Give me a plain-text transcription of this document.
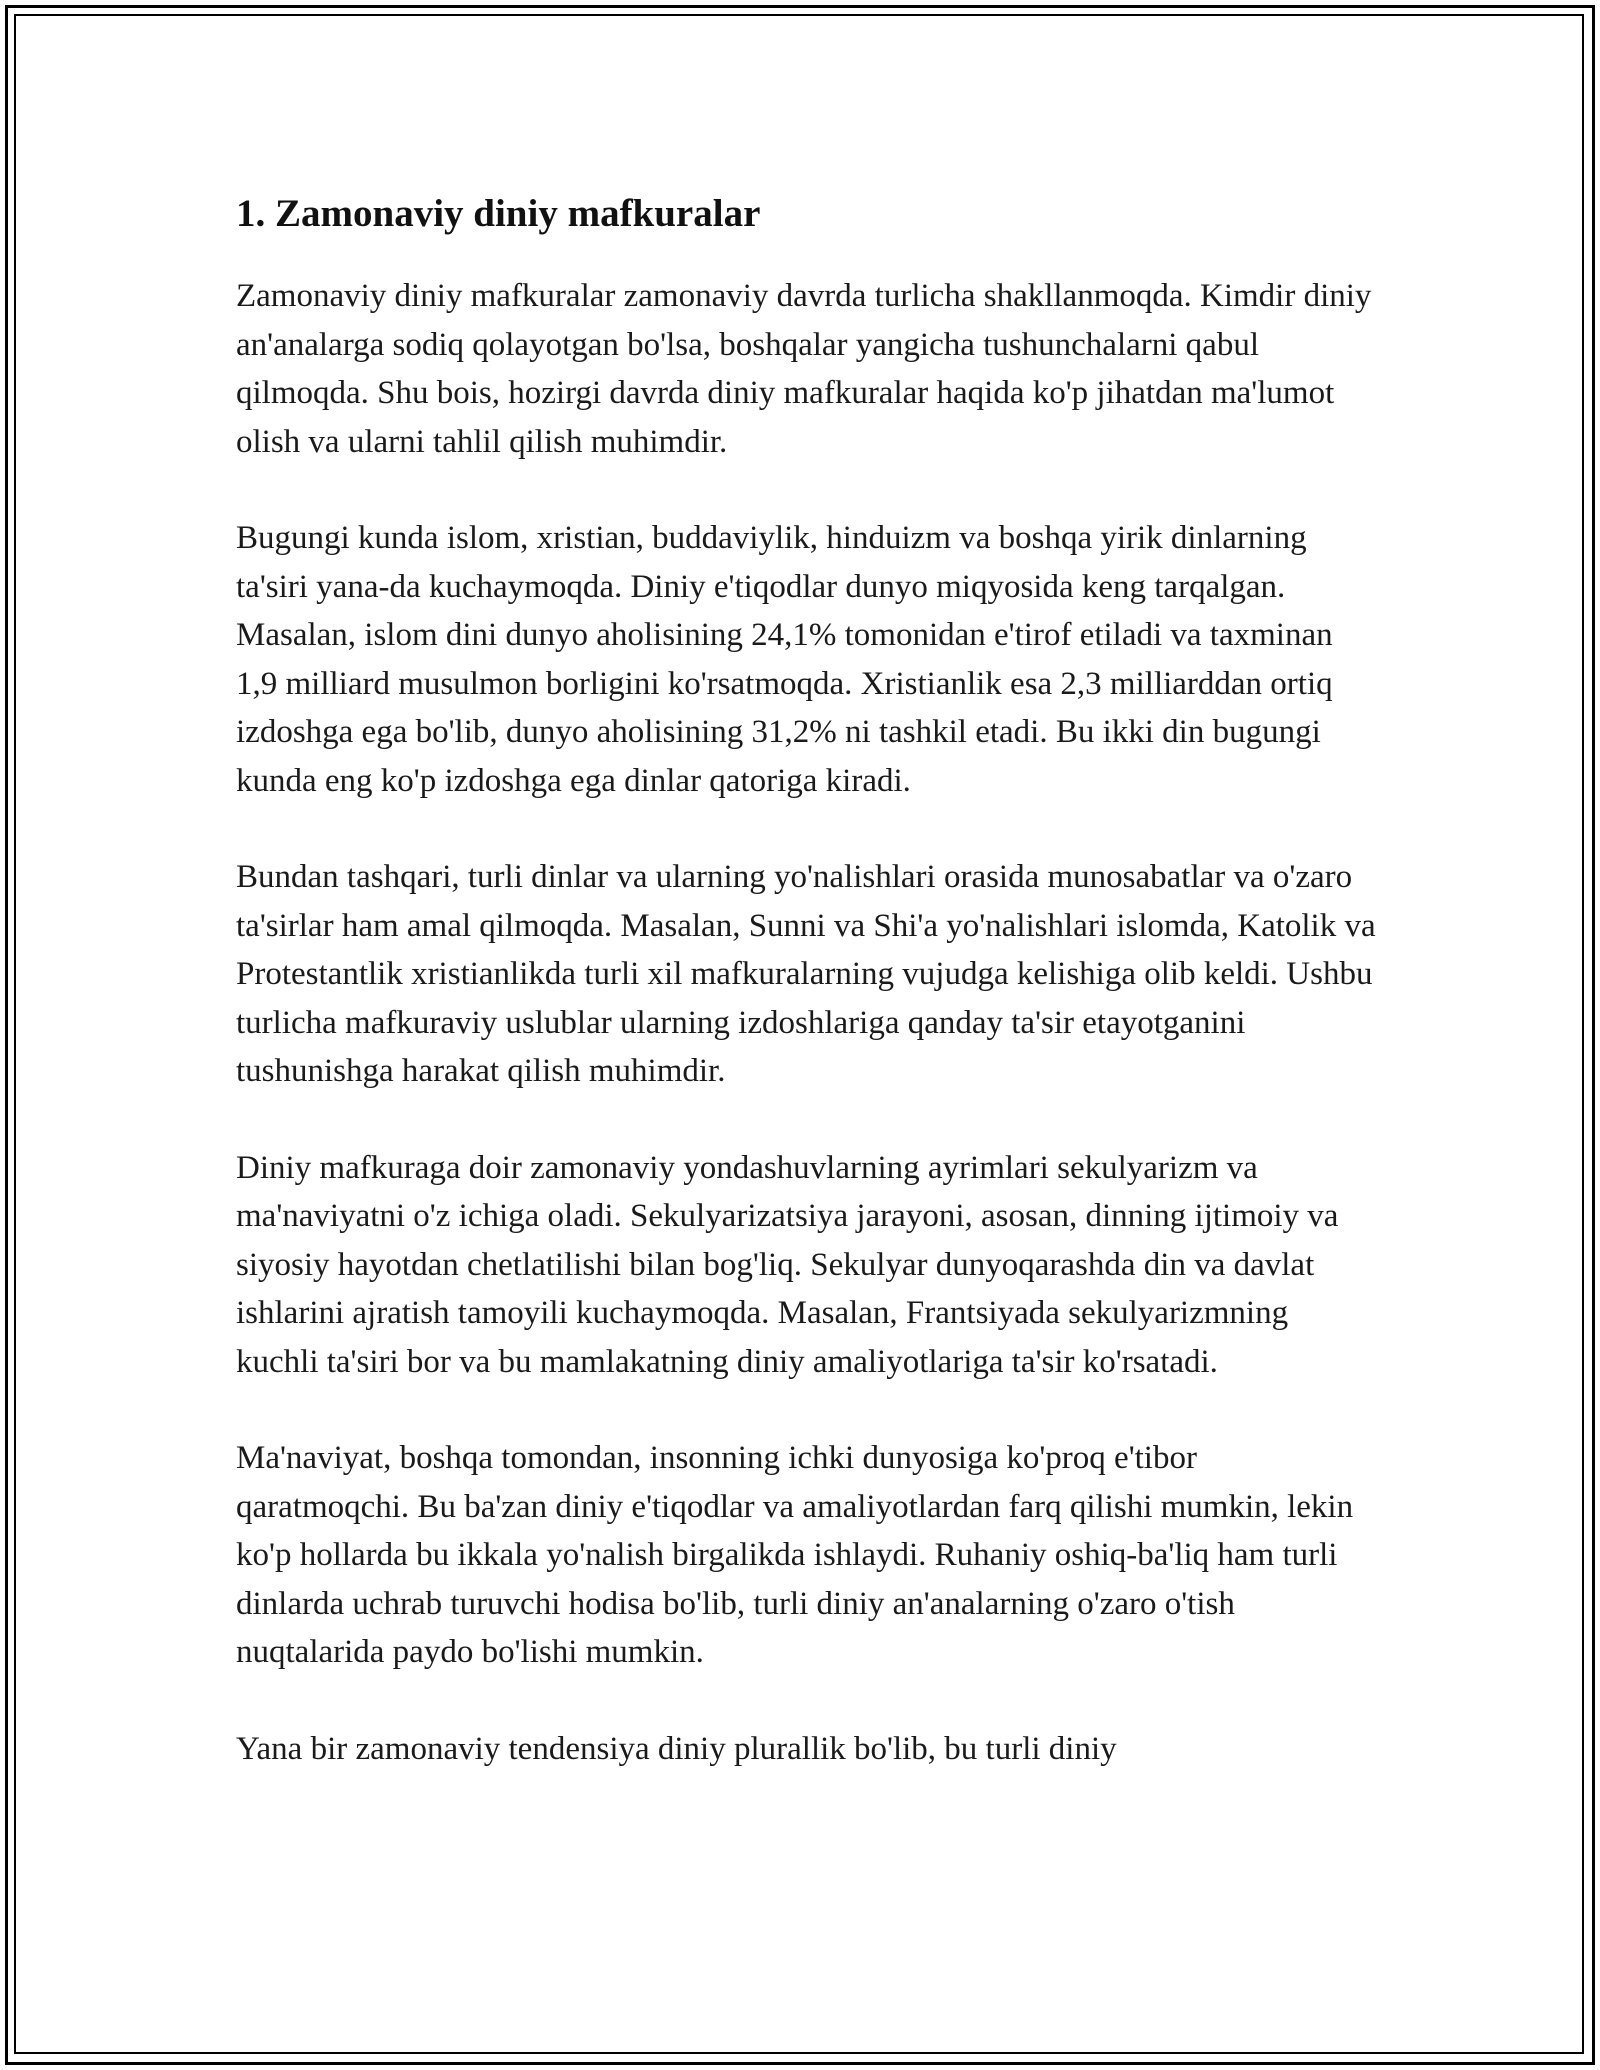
1. Zamonaviy diniy mafkuralar

Zamonaviy diniy mafkuralar zamonaviy davrda turlicha shakllanmoqda. Kimdir diniy an'analarga sodiq qolayotgan bo'lsa, boshqalar yangicha tushunchalarni qabul qilmoqda. Shu bois, hozirgi davrda diniy mafkuralar haqida ko'p jihatdan ma'lumot olish va ularni tahlil qilish muhimdir.

Bugungi kunda islom, xristian, buddaviylik, hinduizm va boshqa yirik dinlarning ta'siri yana-da kuchaymoqda. Diniy e'tiqodlar dunyo miqyosida keng tarqalgan. Masalan, islom dini dunyo aholisining 24,1% tomonidan e'tirof etiladi va taxminan 1,9 milliard musulmon borligini ko'rsatmoqda. Xristianlik esa 2,3 milliarddan ortiq izdoshga ega bo'lib, dunyo aholisining 31,2% ni tashkil etadi. Bu ikki din bugungi kunda eng ko'p izdoshga ega dinlar qatoriga kiradi.

Bundan tashqari, turli dinlar va ularning yo'nalishlari orasida munosabatlar va o'zaro ta'sirlar ham amal qilmoqda. Masalan, Sunni va Shi'a yo'nalishlari islomda, Katolik va Protestantlik xristianlikda turli xil mafkuralarning vujudga kelishiga olib keldi. Ushbu turlicha mafkuraviy uslublar ularning izdoshlariga qanday ta'sir etayotganini tushunishga harakat qilish muhimdir.

Diniy mafkuraga doir zamonaviy yondashuvlarning ayrimlari sekulyarizm va ma'naviyatni o'z ichiga oladi. Sekulyarizatsiya jarayoni, asosan, dinning ijtimoiy va siyosiy hayotdan chetlatilishi bilan bog'liq. Sekulyar dunyoqarashda din va davlat ishlarini ajratish tamoyili kuchaymoqda. Masalan, Frantsiyada sekulyarizmning kuchli ta'siri bor va bu mamlakatning diniy amaliyotlariga ta'sir ko'rsatadi.

Ma'naviyat, boshqa tomondan, insonning ichki dunyosiga ko'proq e'tibor qaratmoqchi. Bu ba'zan diniy e'tiqodlar va amaliyotlardan farq qilishi mumkin, lekin ko'p hollarda bu ikkala yo'nalish birgalikda ishlaydi. Ruhaniy oshiq-ba'liq ham turli dinlarda uchrab turuvchi hodisa bo'lib, turli diniy an'analarning o'zaro o'tish nuqtalarida paydo bo'lishi mumkin.

Yana bir zamonaviy tendensiya diniy plurallik bo'lib, bu turli diniy
